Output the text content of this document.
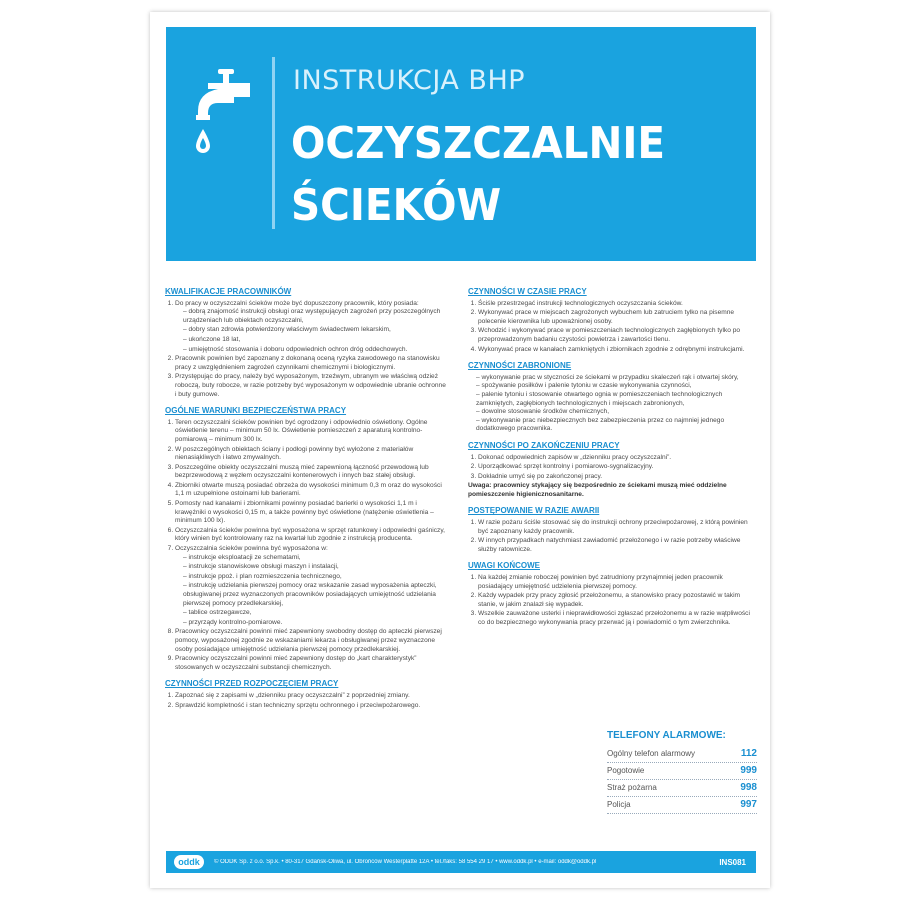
INSTRUKCJA BHP
OCZYSZCZALNIE
ŚCIEKÓW
KWALIFIKACJE PRACOWNIKÓW
1. Do pracy w oczyszczalni ścieków może być dopuszczony pracownik, który posiada:
– dobrą znajomość instrukcji obsługi oraz występujących zagrożeń przy poszczególnych urządzeniach lub obiektach oczyszczalni,
– dobry stan zdrowia potwierdzony właściwym świadectwem lekarskim,
– ukończone 18 lat,
– umiejętność stosowania i doboru odpowiednich ochron dróg oddechowych.
2. Pracownik powinien być zapoznany z dokonaną oceną ryzyka zawodowego na stanowisku pracy z uwzględnieniem zagrożeń czynnikami chemicznymi i biologicznymi.
3. Przystępując do pracy, należy być wyposażonym, trzeźwym, ubranym we właściwą odzież roboczą, buty robocze, w razie potrzeby być wyposażonym w odpowiednie ubranie ochronne i buty gumowe.
OGÓLNE WARUNKI BEZPIECZEŃSTWA PRACY
1. Teren oczyszczalni ścieków powinien być ogrodzony i odpowiednio oświetlony. Ogólne oświetlenie terenu – minimum 50 lx. Oświetlenie pomieszczeń z aparaturą kontrolno-pomiarową – minimum 300 lx.
2. W poszczególnych obiektach ściany i podłogi powinny być wyłożone z materiałów nienasiąkliwych i łatwo zmywalnych.
3. Poszczególne obiekty oczyszczalni muszą mieć zapewnioną łączność przewodową lub bezprzewodową z węzłem oczyszczalni kontenerowych i innych baz stałej obsługi.
4. Zbiorniki otwarte muszą posiadać obrzeża do wysokości minimum 0,3 m oraz do wysokości 1,1 m uzupełnione ostoinami lub barierami.
5. Pomosty nad kanałami i zbiornikami powinny posiadać barierki o wysokości 1,1 m i krawężniki o wysokości 0,15 m, a także powinny być oświetlone (natężenie oświetlenia – minimum 100 lx).
6. Oczyszczalnia ścieków powinna być wyposażona w sprzęt ratunkowy i odpowiedni gaśniczy, który winien być kontrolowany raz na kwartał lub zgodnie z instrukcją producenta.
7. Oczyszczalnia ścieków powinna być wyposażona w:
– instrukcje eksploatacji ze schematami,
– instrukcje stanowiskowe obsługi maszyn i instalacji,
– instrukcje ppoż. i plan rozmieszczenia technicznego,
– instrukcję udzielania pierwszej pomocy oraz wskazanie zasad wyposażenia apteczki, obsługiwanej przez wyznaczonych pracowników posiadających umiejętność udzielania pierwszej pomocy przedlekarskiej,
– tablice ostrzegawcze,
– przyrządy kontrolno-pomiarowe.
8. Pracownicy oczyszczalni powinni mieć zapewniony swobodny dostęp do apteczki pierwszej pomocy, wyposażonej zgodnie ze wskazaniami lekarza i obsługiwanej przez wyznaczone osoby posiadające umiejętność udzielania pierwszej pomocy przedlekarskiej.
9. Pracownicy oczyszczalni powinni mieć zapewniony dostęp do „kart charakterystyk” stosowanych w oczyszczalni substancji chemicznych.
CZYNNOŚCI PRZED ROZPOCZĘCIEM PRACY
1. Zapoznać się z zapisami w „dzienniku pracy oczyszczalni” z poprzedniej zmiany.
2. Sprawdzić kompletność i stan techniczny sprzętu ochronnego i przeciwpożarowego.
CZYNNOŚCI W CZASIE PRACY
1. Ściśle przestrzegać instrukcji technologicznych oczyszczania ścieków.
2. Wykonywać prace w miejscach zagrożonych wybuchem lub zatruciem tylko na pisemne polecenie kierownika lub upoważnionej osoby.
3. Wchodzić i wykonywać prace w pomieszczeniach technologicznych zagłębionych tylko po przeprowadzonym badaniu czystości powietrza i zawartości tlenu.
4. Wykonywać prace w kanałach zamkniętych i zbiornikach zgodnie z odrębnymi instrukcjami.
CZYNNOŚCI ZABRONIONE
– wykonywanie prac w styczności ze ściekami w przypadku skaleczeń rąk i otwartej skóry,
– spożywanie posiłków i palenie tytoniu w czasie wykonywania czynności,
– palenie tytoniu i stosowanie otwartego ognia w pomieszczeniach technologicznych zamkniętych, zagłębionych technologicznych i miejscach zabronionych,
– dowolne stosowanie środków chemicznych,
– wykonywanie prac niebezpiecznych bez zabezpieczenia przez co najmniej jednego dodatkowego pracownika.
CZYNNOŚCI PO ZAKOŃCZENIU PRACY
1. Dokonać odpowiednich zapisów w „dzienniku pracy oczyszczalni”.
2. Uporządkować sprzęt kontrolny i pomiarowo-sygnalizacyjny.
3. Dokładnie umyć się po zakończonej pracy.

Uwaga: pracownicy stykający się bezpośrednio ze ściekami muszą mieć oddzielne pomieszczenie higienicznosanitarne.

POSTĘPOWANIE W RAZIE AWARII
1. W razie pożaru ściśle stosować się do instrukcji ochrony przeciwpożarowej, z którą powinien być zapoznany każdy pracownik.
2. W innych przypadkach natychmiast zawiadomić przełożonego i w razie potrzeby właściwe służby ratownicze.
UWAGI KOŃCOWE
1. Na każdej zmianie roboczej powinien być zatrudniony przynajmniej jeden pracownik posiadający umiejętność udzielenia pierwszej pomocy.
2. Każdy wypadek przy pracy zgłosić przełożonemu, a stanowisko pracy pozostawić w takim stanie, w jakim znalazł się wypadek.
3. Wszelkie zauważone usterki i nieprawidłowości zgłaszać przełożonemu a w razie wątpliwości co do bezpiecznego wykonywania pracy przerwać ją i powiadomić o tym zwierzchnika.
TELEFONY ALARMOWE:
Ogólny telefon alarmowy	112
Pogotowie	999
Straż pożarna	998
Policja	997
oddk	© ODDK Sp. z o.o. Sp.k. • 80-317 Gdańsk-Oliwa, ul. Obrońców Westerplatte 12A • tel./faks: 58 554 29 17 • www.oddk.pl • e-mail: oddk@oddk.pl	INS081
